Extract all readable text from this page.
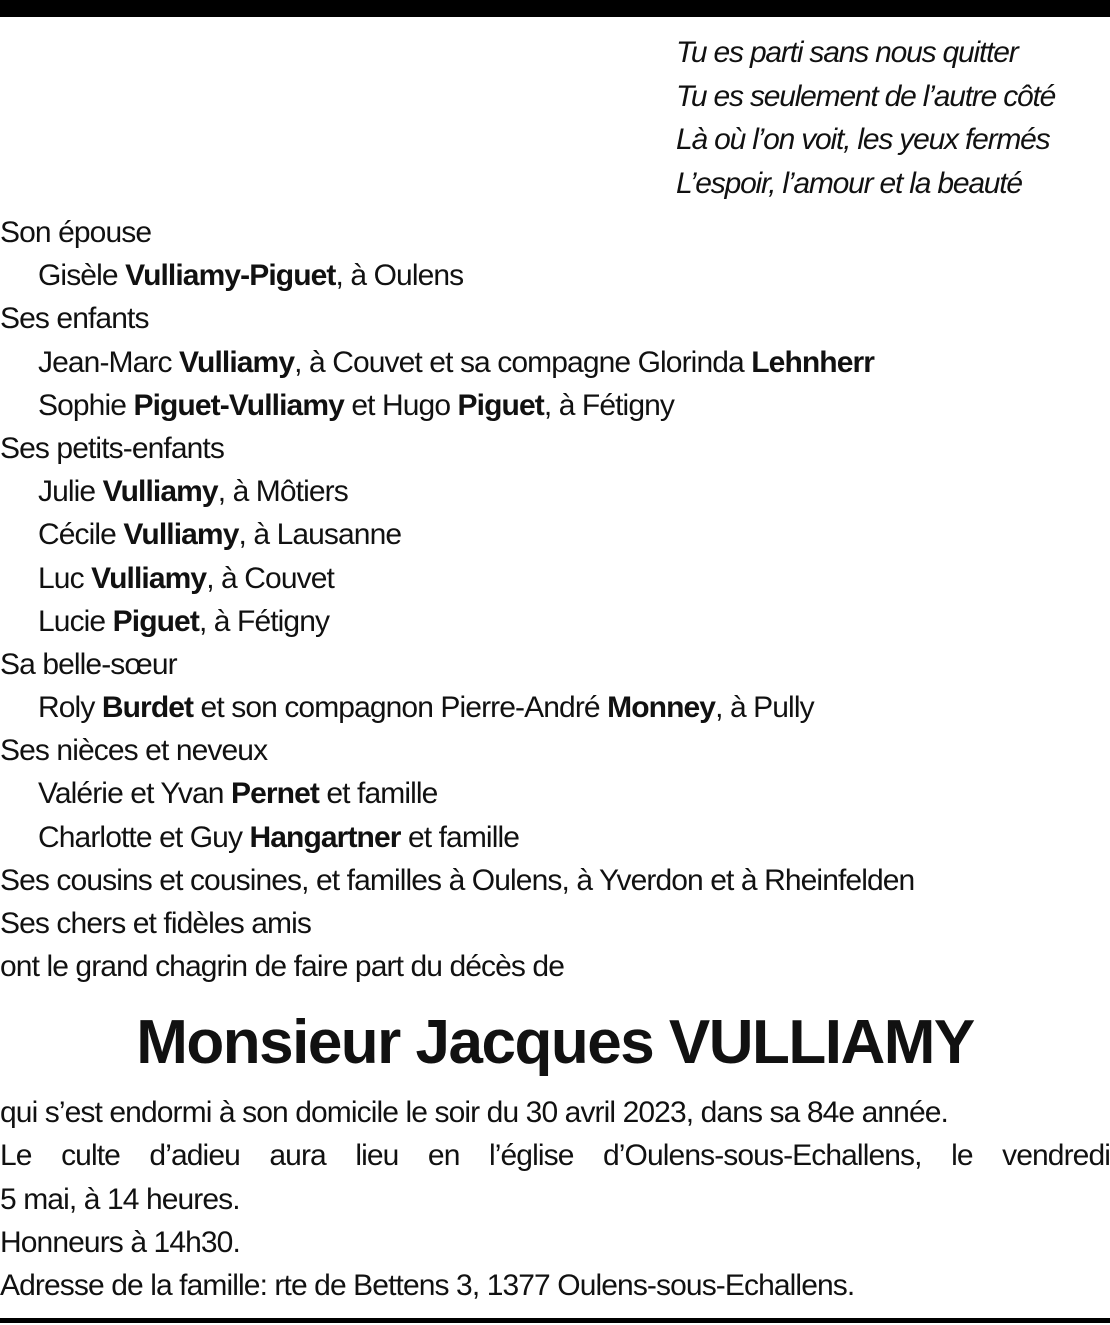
Tu es parti sans nous quitter
Tu es seulement de l’autre côté
Là où l’on voit, les yeux fermés
L’espoir, l’amour et la beauté
Son épouse
Gisèle Vulliamy-Piguet, à Oulens
Ses enfants
Jean-Marc Vulliamy, à Couvet et sa compagne Glorinda Lehnherr
Sophie Piguet-Vulliamy et Hugo Piguet, à Fétigny
Ses petits-enfants
Julie Vulliamy, à Môtiers
Cécile Vulliamy, à Lausanne
Luc Vulliamy, à Couvet
Lucie Piguet, à Fétigny
Sa belle-sœur
Roly Burdet et son compagnon Pierre-André Monney, à Pully
Ses nièces et neveux
Valérie et Yvan Pernet et famille
Charlotte et Guy Hangartner et famille
Ses cousins et cousines, et familles à Oulens, à Yverdon et à Rheinfelden
Ses chers et fidèles amis
ont le grand chagrin de faire part du décès de
Monsieur Jacques VULLIAMY
qui s’est endormi à son domicile le soir du 30 avril 2023, dans sa 84e année.
Le culte d’adieu aura lieu en l’église d’Oulens-sous-Echallens, le vendredi
5 mai, à 14 heures.
Honneurs à 14h30.
Adresse de la famille: rte de Bettens 3, 1377 Oulens-sous-Echallens.
